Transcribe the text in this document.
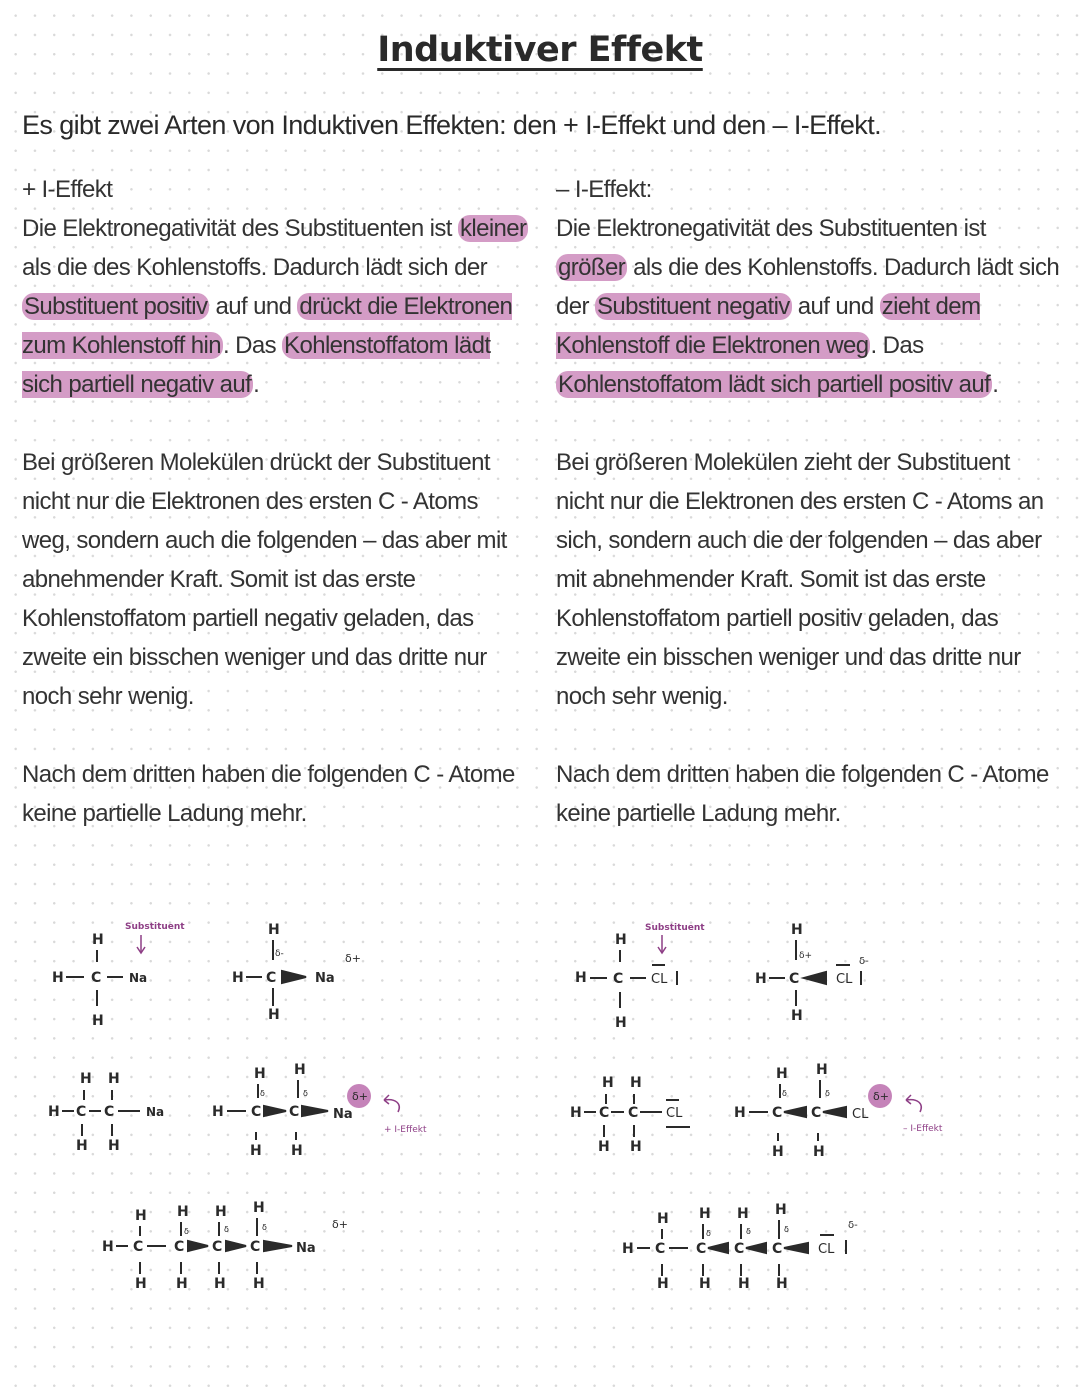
Induktiver Effekt
Es gibt zwei Arten von Induktiven Effekten: den + I-Effekt und den – I-Effekt.

+ I-Effekt

Die Elektronegativität des Substituenten ist kleiner als die des Kohlenstoffs. Dadurch lädt sich der Substituent positiv auf und drückt die Elektronen zum Kohlenstoff hin. Das Kohlenstoffatom lädt sich partiell negativ auf.

Bei größeren Molekülen drückt der Substituent nicht nur die Elektronen des ersten C - Atoms weg, sondern auch die folgenden – das aber mit abnehmender Kraft. Somit ist das erste Kohlenstoffatom partiell negativ geladen, das zweite ein bisschen weniger und das dritte nur noch sehr wenig.

Nach dem dritten haben die folgenden C - Atome keine partielle Ladung mehr.

– I-Effekt:

Die Elektronegativität des Substituenten ist größer als die des Kohlenstoffs. Dadurch lädt sich der Substituent negativ auf und zieht dem Kohlenstoff die Elektronen weg. Das Kohlenstoffatom lädt sich partiell positiv auf.

Bei größeren Molekülen zieht der Substituent nicht nur die Elektronen des ersten C - Atoms an sich, sondern auch die der folgenden – das aber mit abnehmender Kraft. Somit ist das erste Kohlenstoffatom partiell positiv geladen, das zweite ein bisschen weniger und das dritte nur noch sehr wenig.

Nach dem dritten haben die folgenden C - Atome keine partielle Ladung mehr.

Substituent
H
H C Na
H
H
H C	Na
δ+
δ-
H
H H
H C C	Na
H H
H H
H C C	Na
H H
+ I-Effekt
H H H H
H C C C C	Na
δ+
H H H H
Substituent
H
H C CL
H
H
H C	CL
δ-
δ+
H
H H
H C C CL
H H
H H
H C C CL
H H
– I-Effekt
H H H H
H C C C C	CL
δ-
H H H H
δ	δ	δ+
δ	δ	δ
δ	δ	δ+
δ	δ	δ
